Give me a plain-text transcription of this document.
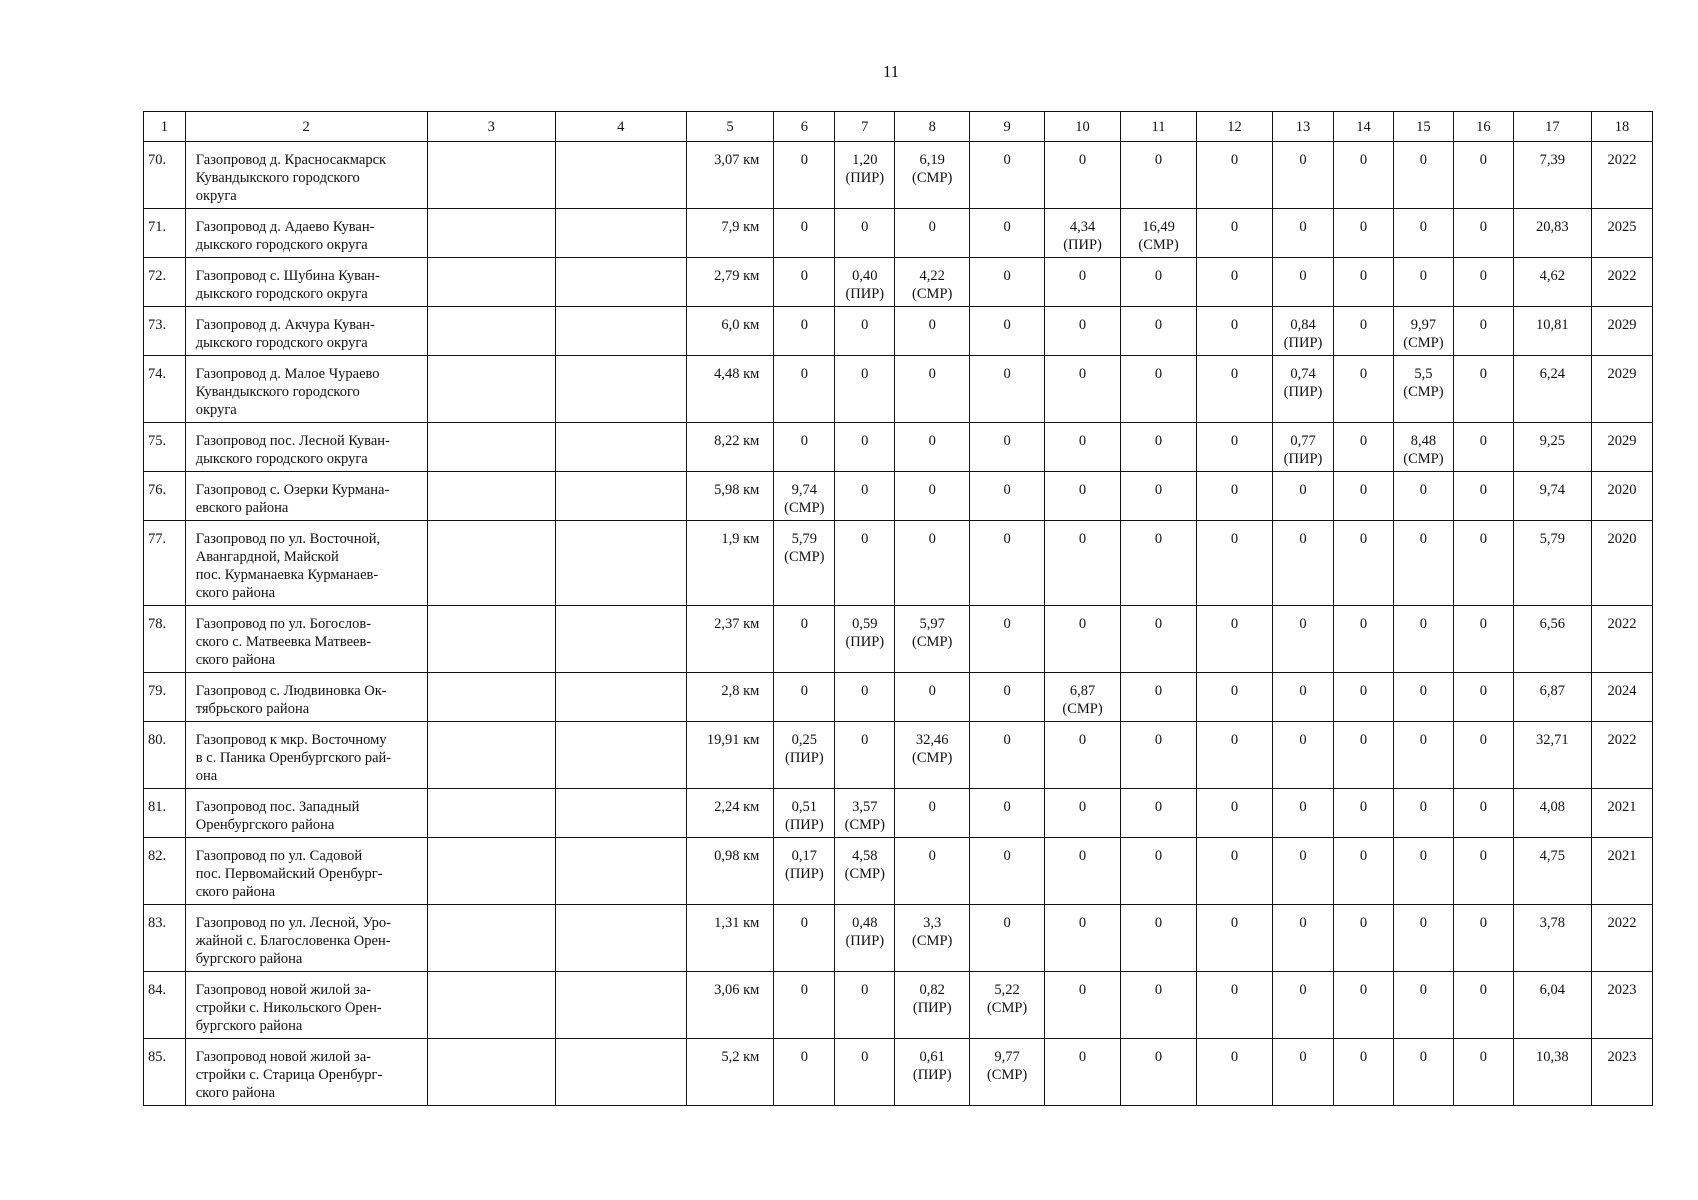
11
1	2	3	4	5	6	7	8	9	10	11	12	13	14	15	16	17	18
70.	Газопровод д. Красносакмарск
Кувандыкского городского
округа			3,07 км	0	1,20
(ПИР)	6,19
(СМР)	0	0	0	0	0	0	0	0	7,39	2022
71.	Газопровод д. Адаево Куван-
дыкского городского округа			7,9 км	0	0	0	0	4,34
(ПИР)	16,49
(СМР)	0	0	0	0	0	20,83	2025
72.	Газопровод с. Шубина Куван-
дыкского городского округа			2,79 км	0	0,40
(ПИР)	4,22
(СМР)	0	0	0	0	0	0	0	0	4,62	2022
73.	Газопровод д. Акчура Куван-
дыкского городского округа			6,0 км	0	0	0	0	0	0	0	0,84
(ПИР)	0	9,97
(СМР)	0	10,81	2029
74.	Газопровод д. Малое Чураево
Кувандыкского городского
округа			4,48 км	0	0	0	0	0	0	0	0,74
(ПИР)	0	5,5
(СМР)	0	6,24	2029
75.	Газопровод пос. Лесной Куван-
дыкского городского округа			8,22 км	0	0	0	0	0	0	0	0,77
(ПИР)	0	8,48
(СМР)	0	9,25	2029
76.	Газопровод с. Озерки Курмана-
евского района			5,98 км	9,74
(СМР)	0	0	0	0	0	0	0	0	0	0	9,74	2020
77.	Газопровод по ул. Восточной,
Авангардной, Майской
пос. Курманаевка Курманаев-
ского района			1,9 км	5,79
(СМР)	0	0	0	0	0	0	0	0	0	0	5,79	2020
78.	Газопровод по ул. Богослов-
ского с. Матвеевка Матвеев-
ского района			2,37 км	0	0,59
(ПИР)	5,97
(СМР)	0	0	0	0	0	0	0	0	6,56	2022
79.	Газопровод с. Людвиновка Ок-
тябрьского района			2,8 км	0	0	0	0	6,87
(СМР)	0	0	0	0	0	0	6,87	2024
80.	Газопровод к мкр. Восточному
в с. Паника Оренбургского рай-
она			19,91 км	0,25
(ПИР)	0	32,46
(СМР)	0	0	0	0	0	0	0	0	32,71	2022
81.	Газопровод пос. Западный
Оренбургского района			2,24 км	0,51
(ПИР)	3,57
(СМР)	0	0	0	0	0	0	0	0	0	4,08	2021
82.	Газопровод по ул. Садовой
пос. Первомайский Оренбург-
ского района			0,98 км	0,17
(ПИР)	4,58
(СМР)	0	0	0	0	0	0	0	0	0	4,75	2021
83.	Газопровод по ул. Лесной, Уро-
жайной с. Благословенка Орен-
бургского района			1,31 км	0	0,48
(ПИР)	3,3
(СМР)	0	0	0	0	0	0	0	0	3,78	2022
84.	Газопровод новой жилой за-
стройки с. Никольского Орен-
бургского района			3,06 км	0	0	0,82
(ПИР)	5,22
(СМР)	0	0	0	0	0	0	0	6,04	2023
85.	Газопровод новой жилой за-
стройки с. Старица Оренбург-
ского района			5,2 км	0	0	0,61
(ПИР)	9,77
(СМР)	0	0	0	0	0	0	0	10,38	2023
